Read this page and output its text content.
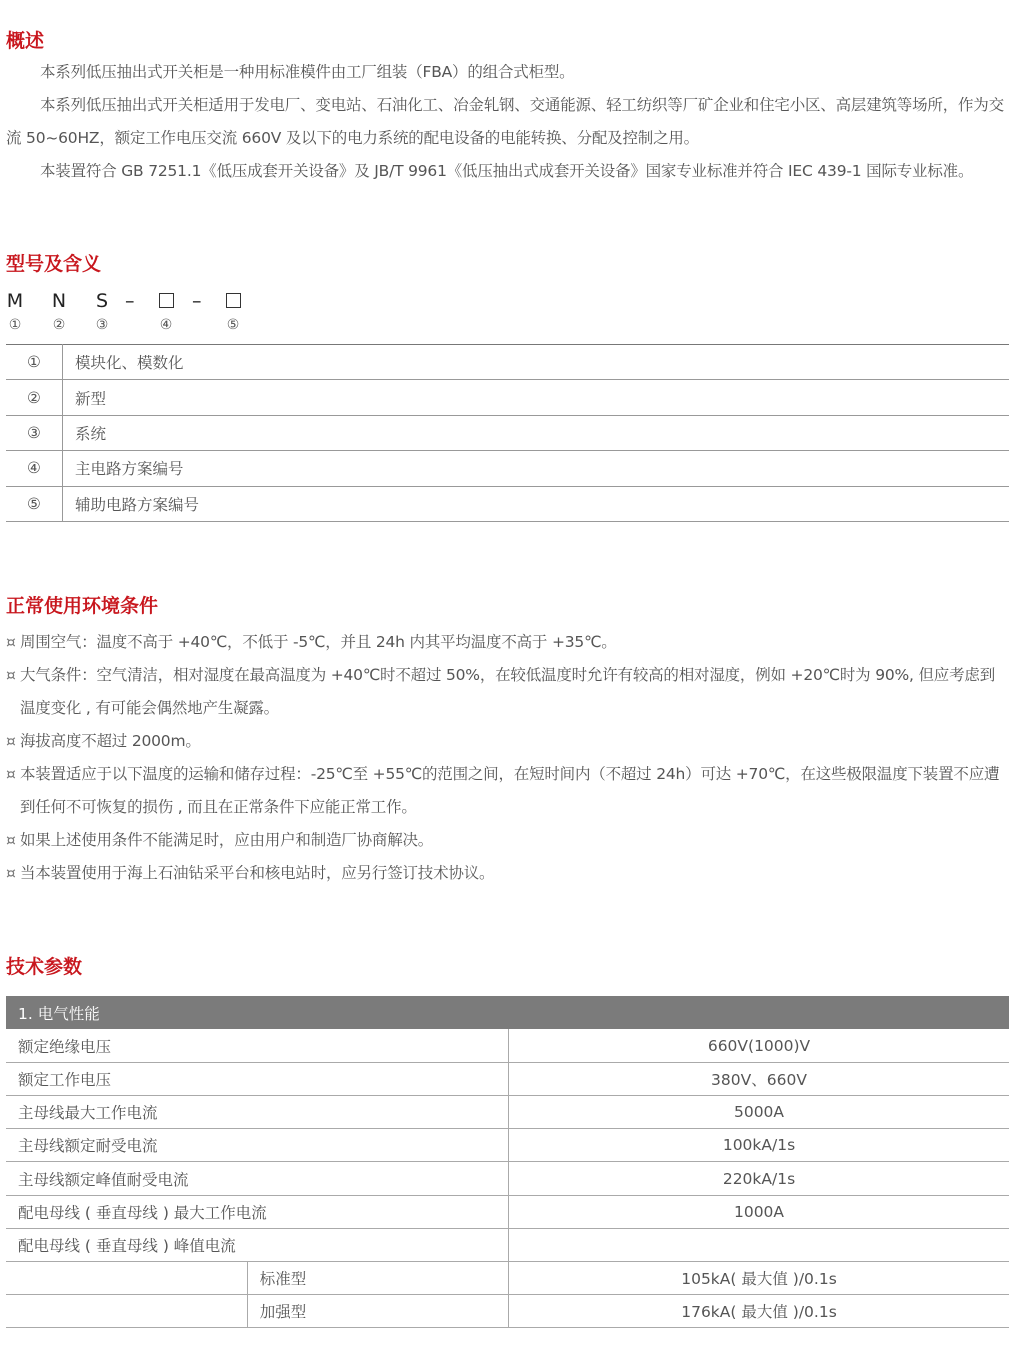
概述

本系列低压抽出式开关柜是一种用标准模件由工厂组装（FBA）的组合式柜型。

本系列低压抽出式开关柜适用于发电厂、变电站、石油化工、冶金轧钢、交通能源、轻工纺织等厂矿企业和住宅小区、高层建筑等场所，作为交流 50~60HZ，额定工作电压交流 660V 及以下的电力系统的配电设备的电能转换、分配及控制之用。

本装置符合 GB 7251.1《低压成套开关设备》及 JB/T 9961《低压抽出式成套开关设备》国家专业标准并符合 IEC 439-1 国际专业标准。

型号及含义
M
①
N
②
S
③
–
④
–
⑤
①	模块化、模数化
②	新型
③	系统
④	主电路方案编号
⑤	辅助电路方案编号
正常使用环境条件
¤ 周围空气：温度不高于 +40℃，不低于 -5℃，并且 24h 内其平均温度不高于 +35℃。
¤ 大气条件：空气清洁，相对湿度在最高温度为 +40℃时不超过 50%，在较低温度时允许有较高的相对湿度，例如 +20℃时为 90%, 但应考虑到温度变化 , 有可能会偶然地产生凝露。
¤ 海拔高度不超过 2000m。
¤ 本装置适应于以下温度的运输和储存过程：-25℃至 +55℃的范围之间，在短时间内（不超过 24h）可达 +70℃，在这些极限温度下装置不应遭到任何不可恢复的损伤 , 而且在正常条件下应能正常工作。
¤ 如果上述使用条件不能满足时，应由用户和制造厂协商解决。
¤ 当本装置使用于海上石油钻采平台和核电站时，应另行签订技术协议。
技术参数
1. 电气性能		
额定绝缘电压		660V(1000)V
额定工作电压		380V、660V
主母线最大工作电流		5000A
主母线额定耐受电流		100kA/1s
主母线额定峰值耐受电流		220kA/1s
配电母线 ( 垂直母线 ) 最大工作电流		1000A
配电母线 ( 垂直母线 ) 峰值电流		
	标准型	105kA( 最大值 )/0.1s
	加强型	176kA( 最大值 )/0.1s
